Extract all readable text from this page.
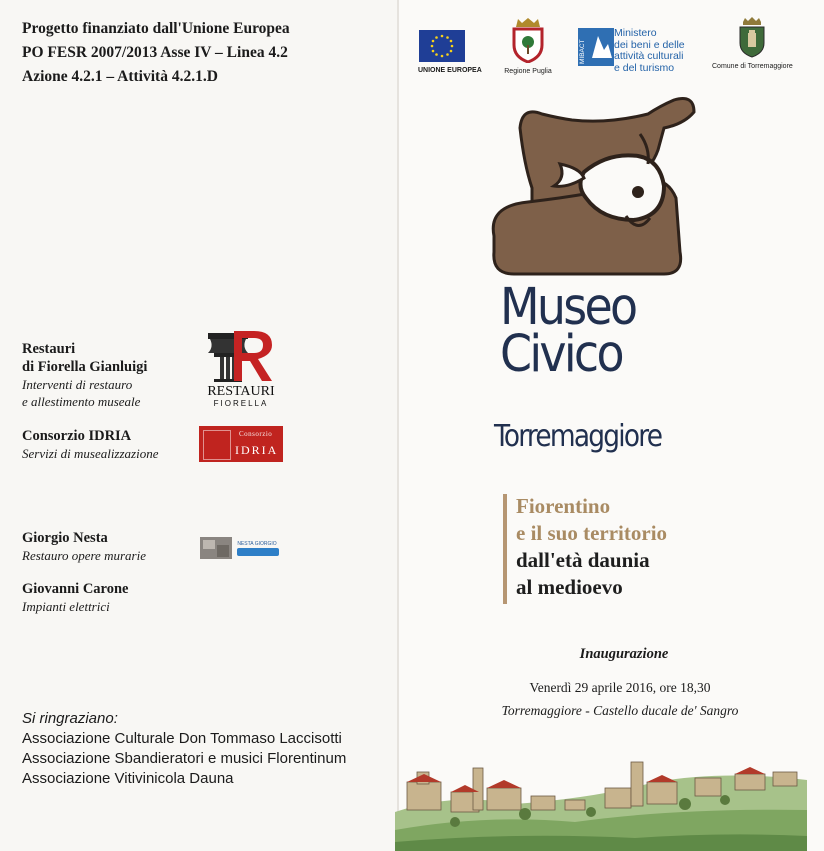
Progetto finanziato dall'Unione Europea
PO FESR 2007/2013 Asse IV – Linea 4.2
Azione 4.2.1 – Attività 4.2.1.D
Restauri
di Fiorella Gianluigi
Interventi di restauro
e allestimento museale
RESTAURI
FIORELLA
Consorzio IDRIA
Servizi di musealizzazione
Consorzio
IDRIA
Giorgio Nesta
Restauro opere murarie
NESTA GIORGIO
Giovanni Carone
Impianti elettrici
Si ringraziano:
Associazione Culturale Don Tommaso Laccisotti
Associazione Sbandieratori e musici Florentinum
Associazione Vitivinicola Dauna
UNIONE EUROPEA	Regione Puglia
MIBACT
Ministero
dei beni e delle
attività culturali
e del turismo	Comune di Torremaggiore
Museo
Civico
Torremaggiore
Fiorentino
e il suo territorio
dall'età daunia
al medioevo
Inaugurazione
Venerdì 29 aprile 2016, ore 18,30
Torremaggiore - Castello ducale de' Sangro
